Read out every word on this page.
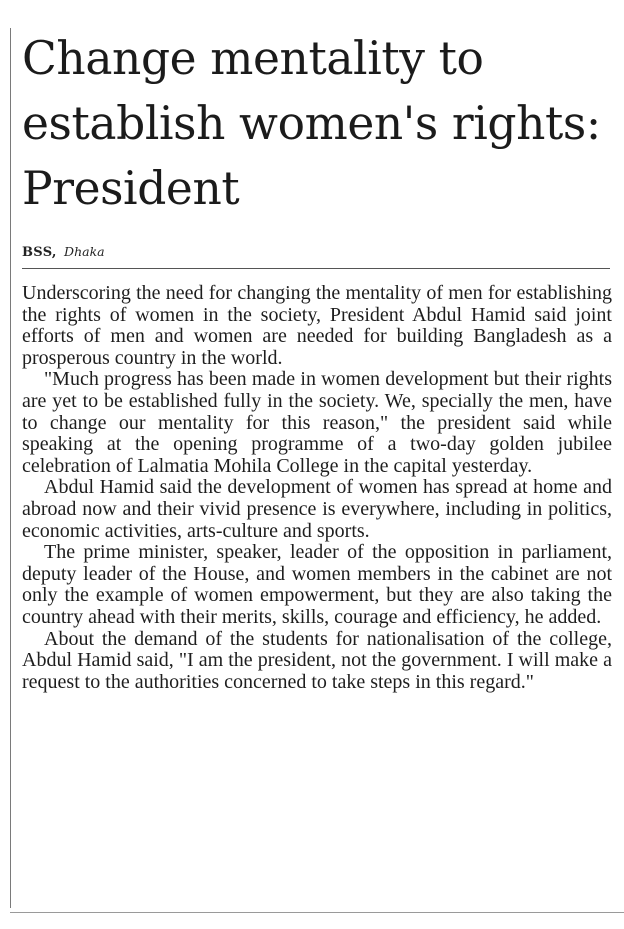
Change mentality to establish women's rights: President
BSS, Dhaka

Underscoring the need for changing the mentality of men for establishing the rights of women in the society, President Abdul Hamid said joint efforts of men and women are needed for building Bangladesh as a prosperous country in the world.

"Much progress has been made in women development but their rights are yet to be established fully in the society. We, specially the men, have to change our mentality for this reason," the president said while speaking at the opening programme of a two-day golden jubilee celebration of Lalmatia Mohila College in the capital yesterday.

Abdul Hamid said the development of women has spread at home and abroad now and their vivid presence is everywhere, including in politics, economic activities, arts-culture and sports.

The prime minister, speaker, leader of the opposition in parliament, deputy leader of the House, and women members in the cabinet are not only the example of women empowerment, but they are also taking the country ahead with their merits, skills, courage and efficiency, he added.

About the demand of the students for nationalisation of the college, Abdul Hamid said, "I am the president, not the government. I will make a request to the authorities concerned to take steps in this regard."
